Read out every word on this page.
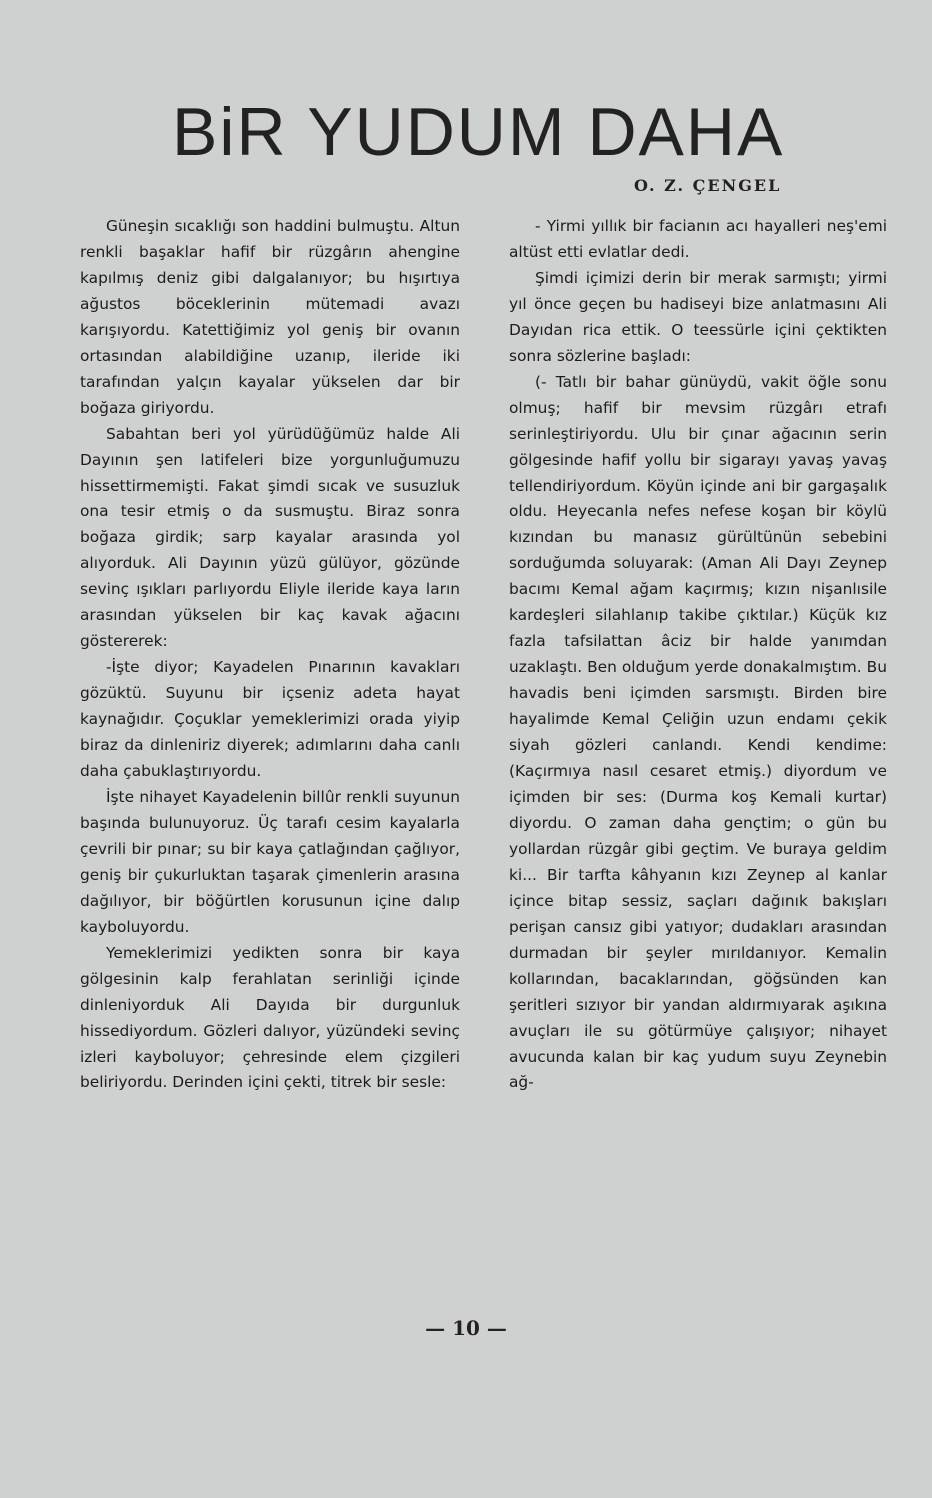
BiR YUDUM DAHA
O. Z. ÇENGEL

Güneşin sıcaklığı son haddini bulmuştu. Altun renkli başaklar hafif bir rüzgârın ahengine kapılmış deniz gibi dalgalanıyor; bu hışırtıya ağustos böceklerinin mütemadi avazı karışıyordu. Katettiğimiz yol geniş bir ovanın ortasından alabildiğine uzanıp, ileride iki tarafından yalçın kayalar yükselen dar bir boğaza giriyordu.

Sabahtan beri yol yürüdüğümüz halde Ali Dayının şen latifeleri bize yorgunluğumuzu hissettirmemişti. Fakat şimdi sıcak ve susuzluk ona tesir etmiş o da susmuştu. Biraz sonra boğaza girdik; sarp kayalar arasında yol alıyorduk. Ali Dayının yüzü gülüyor, gözünde sevinç ışıkları parlıyordu Eliyle ileride kaya ların arasından yükselen bir kaç kavak ağacını göstererek:

-İşte diyor; Kayadelen Pınarının kavakları gözüktü. Suyunu bir içseniz adeta hayat kaynağıdır. Çoçuklar yemeklerimizi orada yiyip biraz da dinleniriz diyerek; adımlarını daha canlı daha çabuklaştırıyordu.

İşte nihayet Kayadelenin billûr renkli suyunun başında bulunuyoruz. Üç tarafı cesim kayalarla çevrili bir pınar; su bir kaya çatlağından çağlıyor, geniş bir çukurluktan taşarak çimenlerin arasına dağılıyor, bir böğürtlen korusunun içine dalıp kayboluyordu.

Yemeklerimizi yedikten sonra bir kaya gölgesinin kalp ferahlatan serinliği içinde dinleniyorduk Ali Dayıda bir durgunluk hissediyordum. Gözleri dalıyor, yüzündeki sevinç izleri kayboluyor; çehresinde elem çizgileri beliriyordu. Derinden içini çekti, titrek bir sesle:

- Yirmi yıllık bir facianın acı hayalleri neş'emi altüst etti evlatlar dedi.

Şimdi içimizi derin bir merak sarmıştı; yirmi yıl önce geçen bu hadiseyi bize anlatmasını Ali Dayıdan rica ettik. O teessürle içini çektikten sonra sözlerine başladı:

(- Tatlı bir bahar günüydü, vakit öğle sonu olmuş; hafif bir mevsim rüzgârı etrafı serinleştiriyordu. Ulu bir çınar ağacının serin gölgesinde hafif yollu bir sigarayı yavaş yavaş tellendiriyordum. Köyün içinde ani bir gargaşalık oldu. Heyecanla nefes nefese koşan bir köylü kızından bu manasız gürültünün sebebini sorduğumda soluyarak: (Aman Ali Dayı Zeynep bacımı Kemal ağam kaçırmış; kızın nişanlısile kardeşleri silahlanıp takibe çıktılar.) Küçük kız fazla tafsilattan âciz bir halde yanımdan uzaklaştı. Ben olduğum yerde donakalmıştım. Bu havadis beni içimden sarsmıştı. Birden bire hayalimde Kemal Çeliğin uzun endamı çekik siyah gözleri canlandı. Kendi kendime: (Kaçırmıya nasıl cesaret etmiş.) diyordum ve içimden bir ses: (Durma koş Kemali kurtar) diyordu. O zaman daha gençtim; o gün bu yollardan rüzgâr gibi geçtim. Ve buraya geldim ki... Bir tarfta kâhyanın kızı Zeynep al kanlar içince bitap sessiz, saçları dağınık bakışları perişan cansız gibi yatıyor; dudakları arasından durmadan bir şeyler mırıldanıyor. Kemalin kollarından, bacaklarından, göğsünden kan şeritleri sızıyor bir yandan aldırmıyarak aşıkına avuçları ile su götürmüye çalışıyor; nihayet avucunda kalan bir kaç yudum suyu Zeynebin ağ-

— 10 —
